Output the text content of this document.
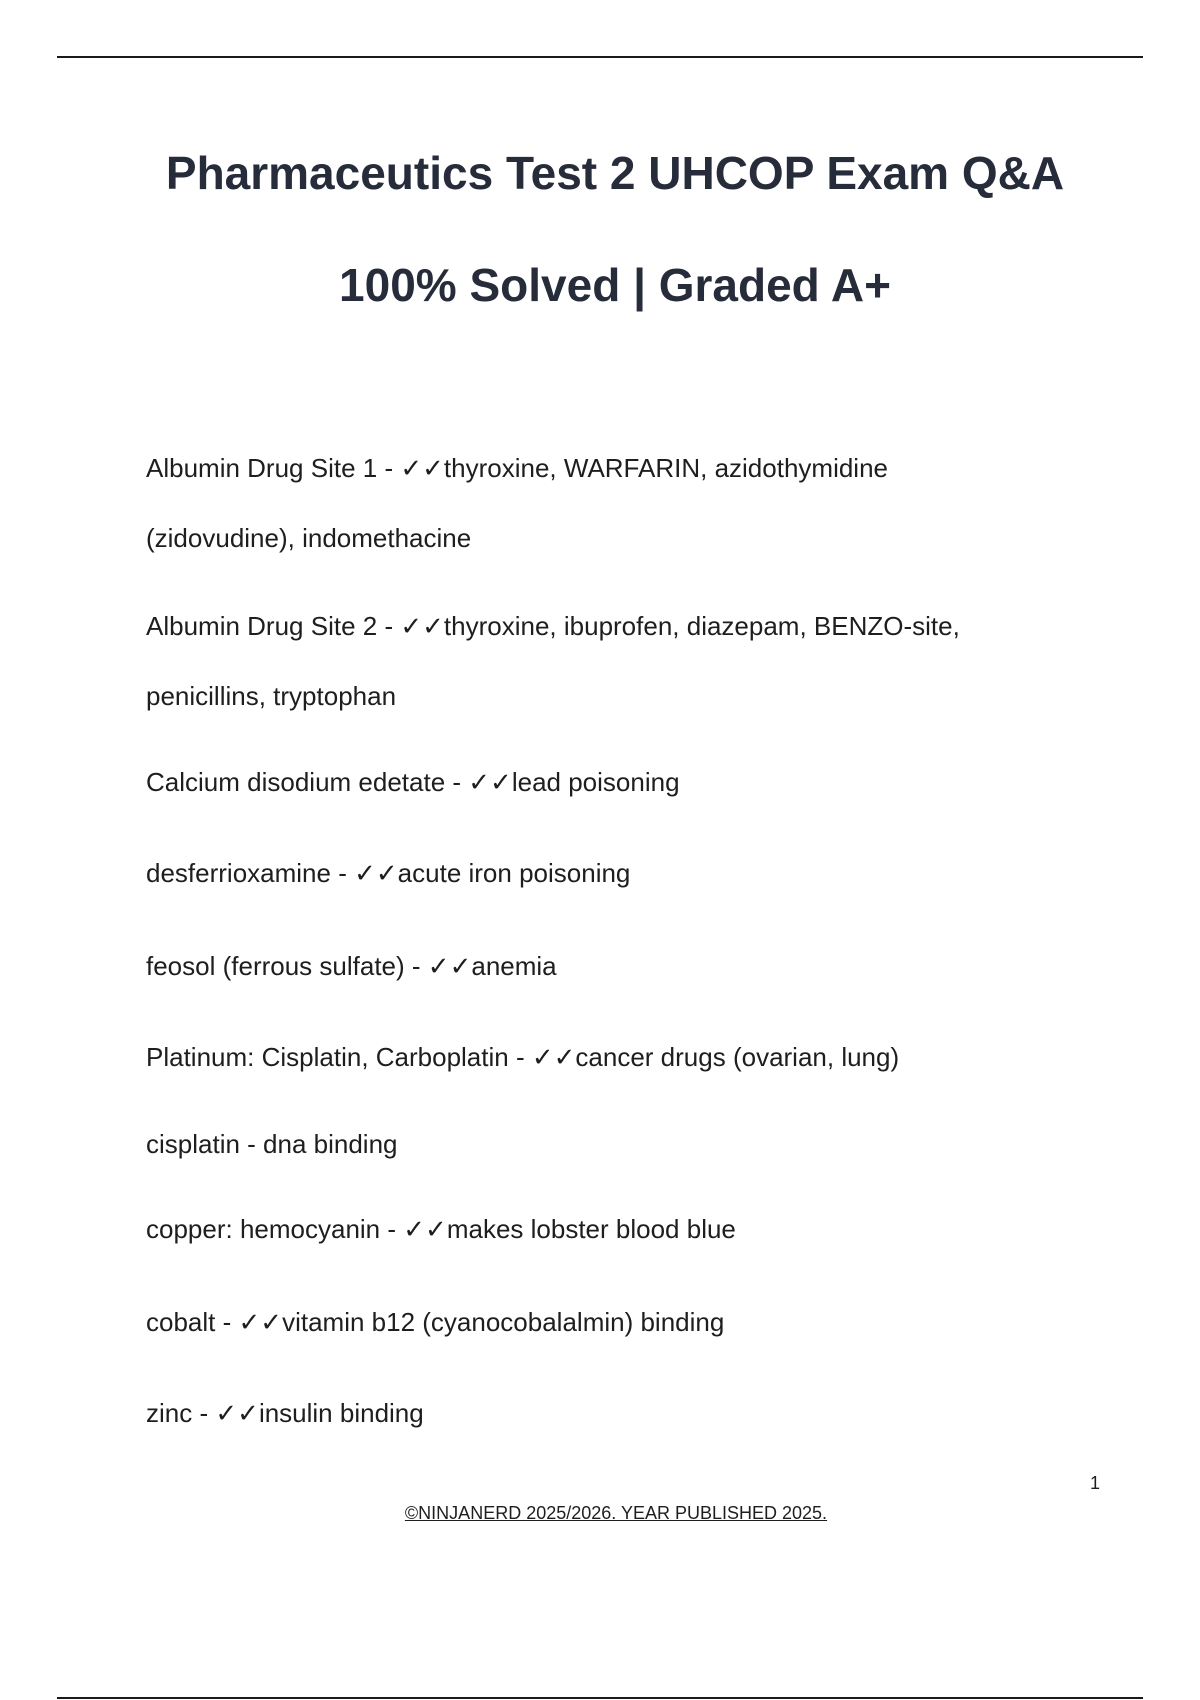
Pharmaceutics Test 2 UHCOP Exam Q&A
100% Solved | Graded A+

Albumin Drug Site 1 - ✓✓thyroxine, WARFARIN, azidothymidine
(zidovudine), indomethacine

Albumin Drug Site 2 - ✓✓thyroxine, ibuprofen, diazepam, BENZO-site,
penicillins, tryptophan

Calcium disodium edetate - ✓✓lead poisoning

desferrioxamine - ✓✓acute iron poisoning

feosol (ferrous sulfate) - ✓✓anemia

Platinum: Cisplatin, Carboplatin - ✓✓cancer drugs (ovarian, lung)

cisplatin - dna binding

copper: hemocyanin - ✓✓makes lobster blood blue

cobalt - ✓✓vitamin b12 (cyanocobalalmin) binding

zinc - ✓✓insulin binding

1
©NINJANERD 2025/2026. YEAR PUBLISHED 2025.
